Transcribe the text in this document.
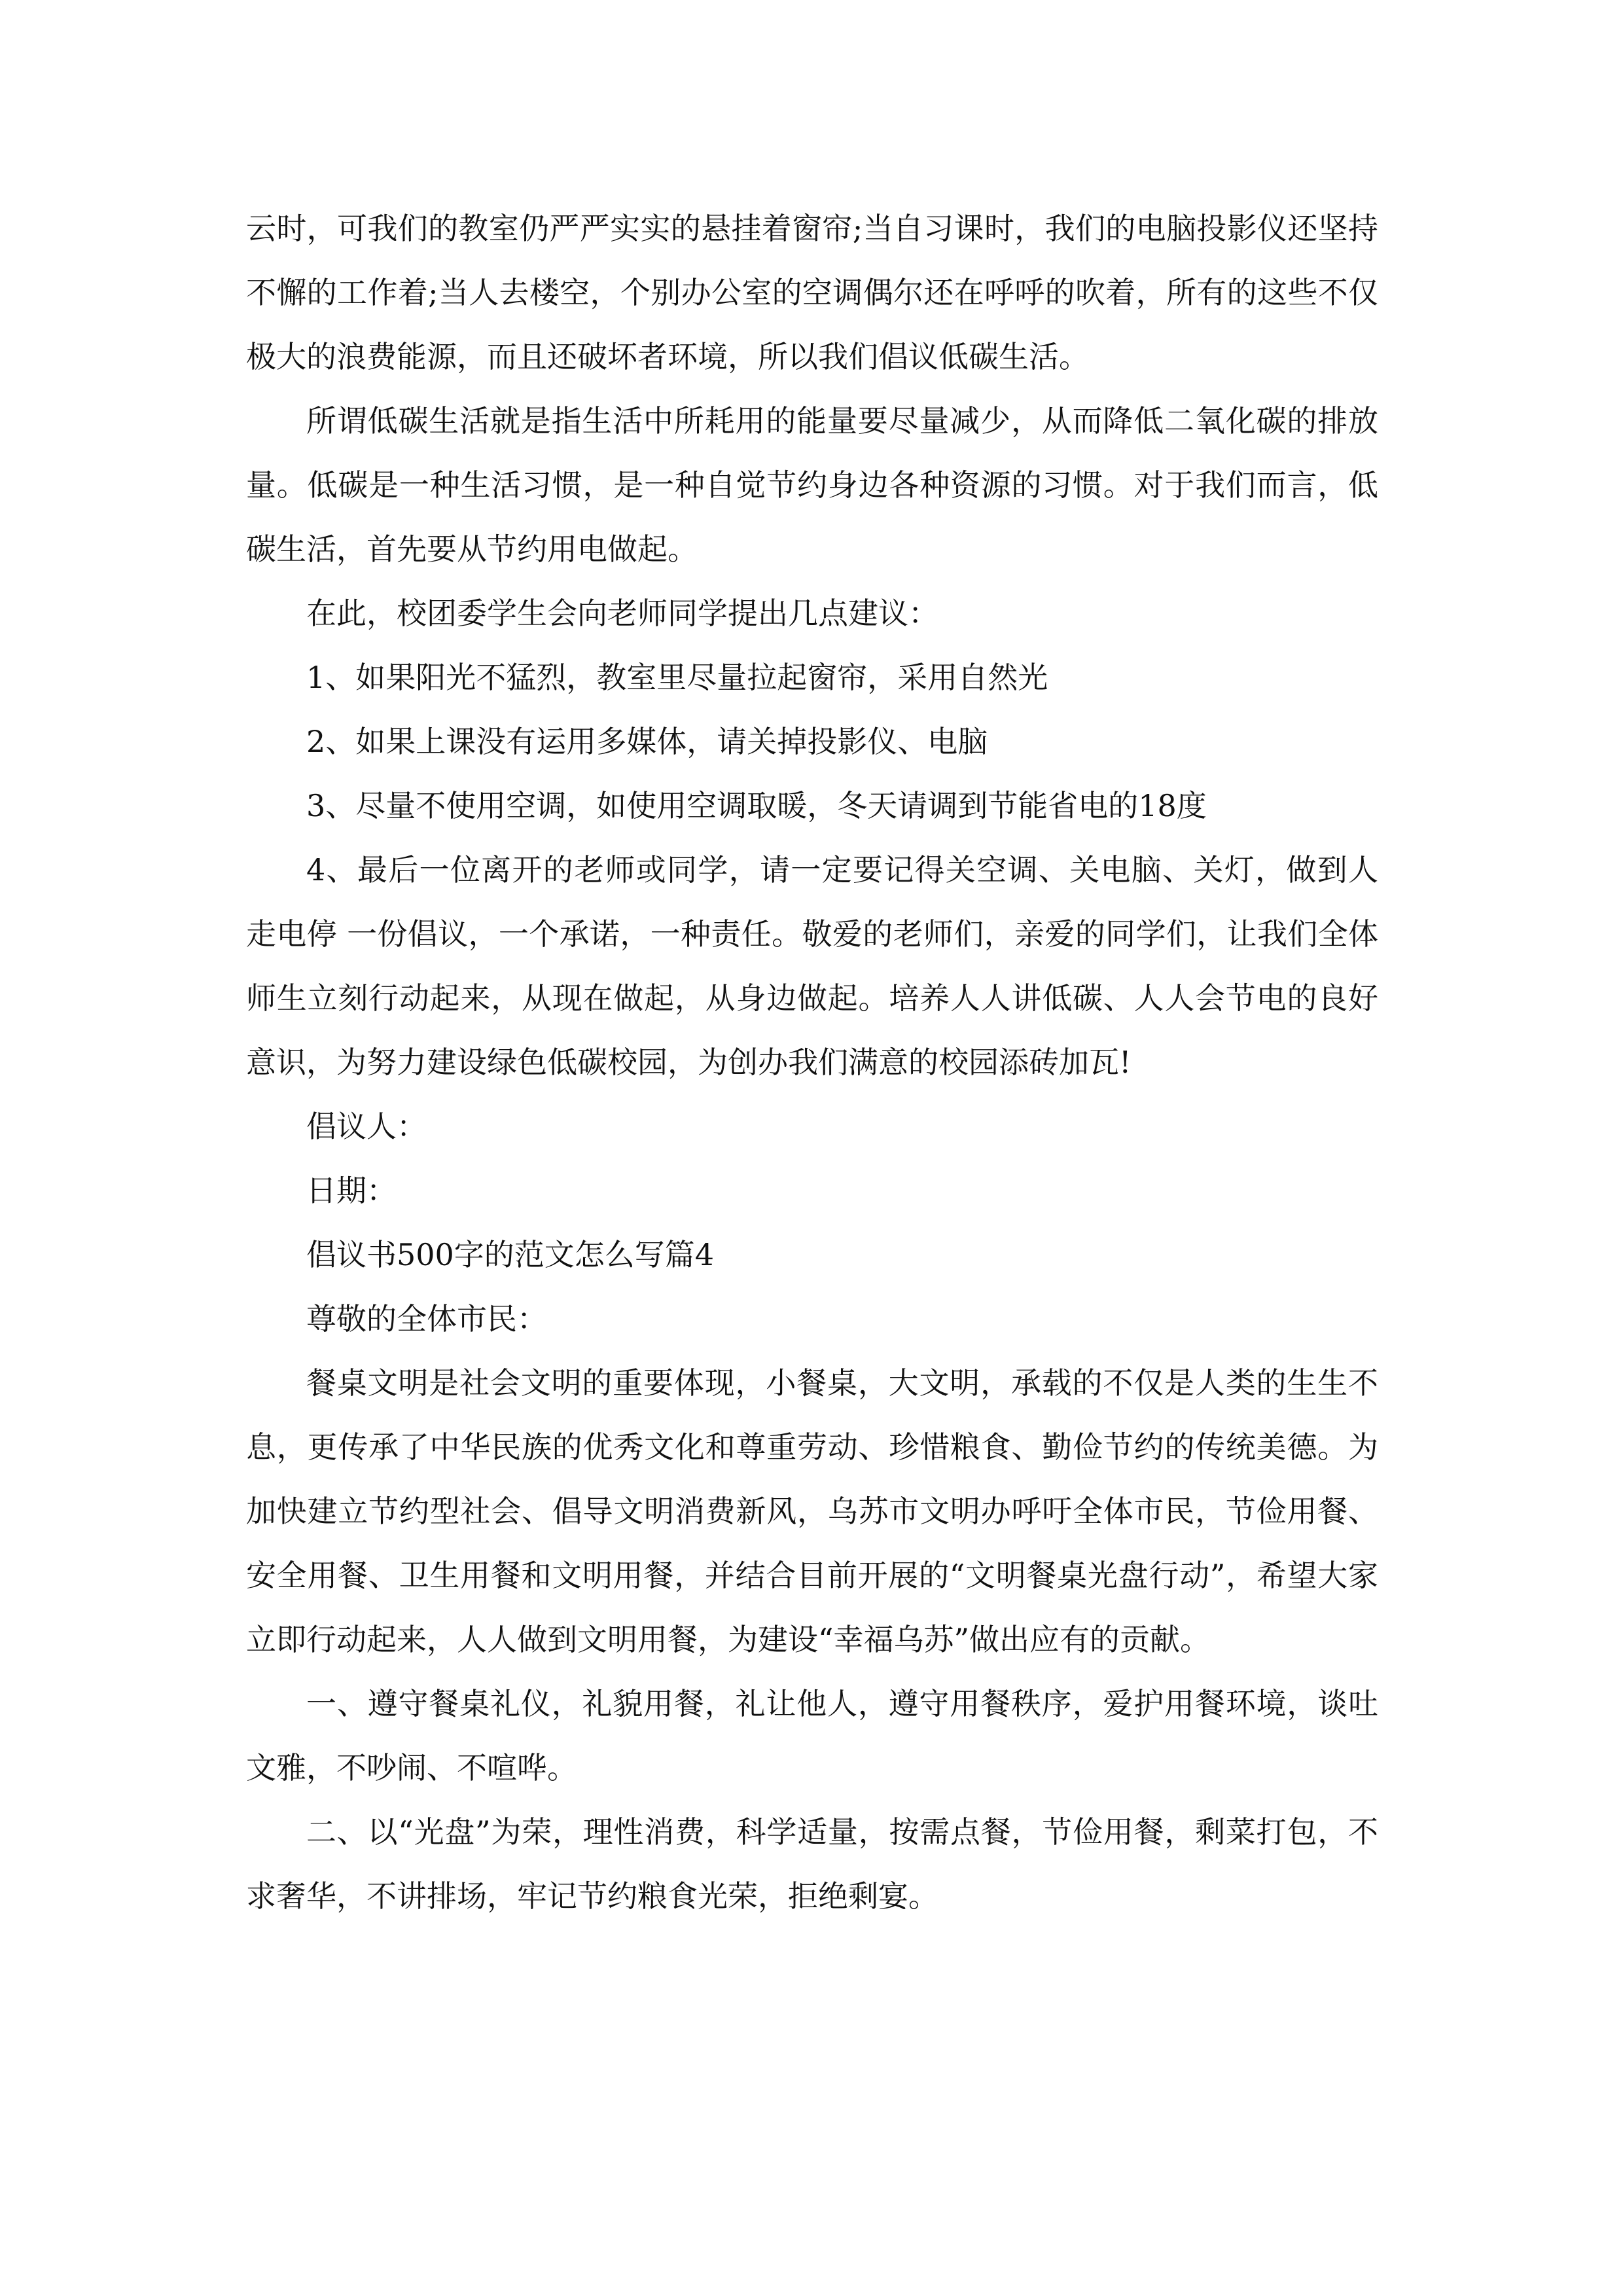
云时，可我们的教室仍严严实实的悬挂着窗帘;当自习课时，我们的电脑投影仪还坚持不懈的工作着;当人去楼空，个别办公室的空调偶尔还在呼呼的吹着，所有的这些不仅极大的浪费能源，而且还破坏者环境，所以我们倡议低碳生活。

所谓低碳生活就是指生活中所耗用的能量要尽量减少，从而降低二氧化碳的排放量。低碳是一种生活习惯，是一种自觉节约身边各种资源的习惯。对于我们而言，低碳生活，首先要从节约用电做起。

在此，校团委学生会向老师同学提出几点建议：

1、如果阳光不猛烈，教室里尽量拉起窗帘，采用自然光

2、如果上课没有运用多媒体，请关掉投影仪、电脑

3、尽量不使用空调，如使用空调取暖，冬天请调到节能省电的18度

4、最后一位离开的老师或同学，请一定要记得关空调、关电脑、关灯，做到人走电停 一份倡议，一个承诺，一种责任。敬爱的老师们，亲爱的同学们，让我们全体师生立刻行动起来，从现在做起，从身边做起。培养人人讲低碳、人人会节电的良好意识，为努力建设绿色低碳校园，为创办我们满意的校园添砖加瓦!

倡议人：

日期：

倡议书500字的范文怎么写篇4

尊敬的全体市民：

餐桌文明是社会文明的重要体现，小餐桌，大文明，承载的不仅是人类的生生不息，更传承了中华民族的优秀文化和尊重劳动、珍惜粮食、勤俭节约的传统美德。为加快建立节约型社会、倡导文明消费新风，乌苏市文明办呼吁全体市民，节俭用餐、安全用餐、卫生用餐和文明用餐，并结合目前开展的“文明餐桌光盘行动”，希望大家立即行动起来，人人做到文明用餐，为建设“幸福乌苏”做出应有的贡献。

一、遵守餐桌礼仪，礼貌用餐，礼让他人，遵守用餐秩序，爱护用餐环境，谈吐文雅，不吵闹、不喧哗。

二、以“光盘”为荣，理性消费，科学适量，按需点餐，节俭用餐，剩菜打包，不求奢华，不讲排场，牢记节约粮食光荣，拒绝剩宴。
